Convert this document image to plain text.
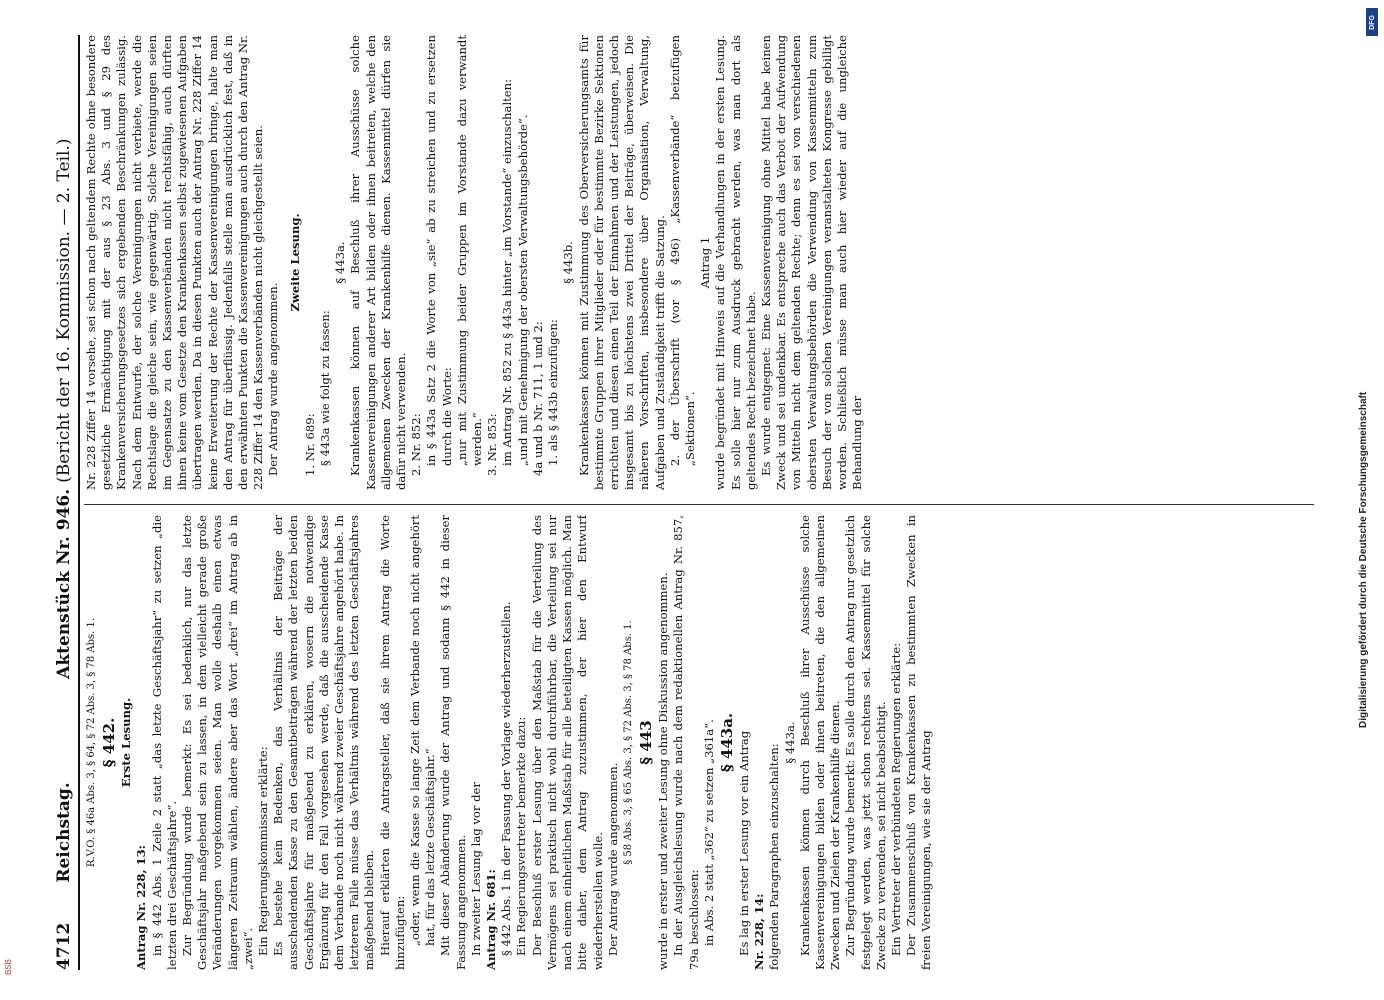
4712
Reichstag.
Aktenstück Nr. 946. (Bericht der 16. Kommission. — 2. Teil.)

R.V.O. § 46a Abs. 3, § 64, § 72 Abs. 3, § 78 Abs. 1. § 442. Erste Lesung.

Antrag Nr. 228, 13: in § 442 Abs. 1 Zeile 2 statt „das letzte Geschäftsjahr“ zu setzen „die letzten drei Geschäftsjahre“. Zur Begründung wurde bemerkt: Es sei bedenklich, nur das letzte Geschäftsjahr maßgebend sein zu lassen, in dem vielleicht gerade große Veränderungen vorgekommen seien. Man wolle deshalb einen etwas längeren Zeitraum wählen, ändere aber das Wort „drei“ im Antrag ab in „zwei“. Ein Regierungskommissar erklärte: Es bestehe kein Bedenken, das Verhältnis der Beiträge der ausscheidenden Kasse zu den Gesamtbeiträgen während der letzten beiden Geschäftsjahre für maßgebend zu erklären, wosern die notwendige Ergänzung für den Fall vorgesehen werde, daß die ausscheidende Kasse dem Verbande noch nicht während zweier Geschäftsjahre angehört habe. In letzterem Falle müsse das Verhältnis während des letzten Geschäftsjahres maßgebend bleiben. Hierauf erklärten die Antragsteller, daß sie ihrem Antrag die Worte hinzufügten: „oder, wenn die Kasse so lange Zeit dem Verbande noch nicht angehört hat, für das letzte Geschäftsjahr.“ Mit dieser Abänderung wurde der Antrag und sodann § 442 in dieser Fassung angenommen. In zweiter Lesung lag vor der Antrag Nr. 681: § 442 Abs. 1 in der Fassung der Vorlage wiederherzustellen. Ein Regierungsvertreter bemerkte dazu: Der Beschluß erster Lesung über den Maßstab für die Verteilung des Vermögens sei praktisch nicht wohl durchführbar, die Verteilung sei nur nach einem einheitlichen Maßstab für alle beteiligten Kassen möglich. Man bitte daher, dem Antrag zuzustimmen, der hier den Entwurf wiederherstellen wolle. Der Antrag wurde angenommen. § 58 Abs. 3, § 65 Abs. 3, § 72 Abs. 3, § 78 Abs. 1. § 443 wurde in erster und zweiter Lesung ohne Diskussion angenommen. In der Ausgleichslesung wurde nach dem redaktionellen Antrag Nr. 857, 79a beschlossen: in Abs. 2 statt „362“ zu setzen „361a“. § 443a. Es lag in erster Lesung vor ein Antrag Nr. 228, 14: folgenden Paragraphen einzuschalten:

§ 443a. Krankenkassen können durch Beschluß ihrer Ausschüsse solche Kassenvereinigungen bilden oder ihnen beitreten, die den allgemeinen Zwecken und Zielen der Krankenhilfe dienen. Zur Begründung wurde bemerkt: Es solle durch den Antrag nur gesetzlich festgelegt werden, was jetzt schon rechtens sei. Kassenmittel für solche Zwecke zu verwenden, sei nicht beabsichtigt. Ein Vertreter der verbündeten Regierungen erklärte: Der Zusammenschluß von Krankenkassen zu bestimmten Zwecken in freien Vereinigungen, wie sie der Antrag

Nr. 228 Ziffer 14 vorsehe, sei schon nach geltendem Rechte ohne besondere gesetzliche Ermächtigung mit der aus § 23 Abs. 3 und § 29 des Krankenversicherungsgesetzes sich ergebenden Beschränkungen zulässig. Nach dem Entwurfe, der solche Vereinigungen nicht verbiete, werde die Rechtslage die gleiche sein, wie gegenwärtig. Solche Vereinigungen seien im Gegensatze zu den Kassenverbänden nicht rechtsfähig, auch dürften ihnen keine vom Gesetze den Krankenkassen selbst zugewiesenen Aufgaben übertragen werden. Da in diesen Punkten auch der Antrag Nr. 228 Ziffer 14 keine Erweiterung der Rechte der Kassenvereinigungen bringe, halte man den Antrag für überflüssig. Jedenfalls stelle man ausdrücklich fest, daß in den erwähnten Punkten die Kassenvereinigungen auch durch den Antrag Nr. 228 Ziffer 14 den Kassenverbänden nicht gleichgestellt seien. Der Antrag wurde angenommen.

Zweite Lesung.

1. Nr. 689: § 443a wie folgt zu fassen:

§ 443a. Krankenkassen können auf Beschluß ihrer Ausschüsse solche Kassenvereinigungen anderer Art bilden oder ihnen beitreten, welche den allgemeinen Zwecken der Krankenhilfe dienen. Kassenmittel dürfen sie dafür nicht verwenden. 2. Nr. 852: in § 443a Satz 2 die Worte von „sie“ ab zu streichen und zu ersetzen durch die Worte: „nur mit Zustimmung beider Gruppen im Vorstande dazu verwandt werden.“ 3. Nr. 853: im Antrag Nr. 852 zu § 443a hinter „im Vorstande“ einzuschalten: „und mit Genehmigung der obersten Verwaltungsbehörde“. 4a und b Nr. 711, 1 und 2: 1. als § 443b einzufügen:

§ 443b. Krankenkassen können mit Zustimmung des Oberversicherungsamts für bestimmte Gruppen ihrer Mitglieder oder für bestimmte Bezirke Sektionen errichten und diesen einen Teil der Einnahmen und der Leistungen, jedoch insgesamt bis zu höchstens zwei Drittel der Beiträge, überweisen. Die näheren Vorschriften, insbesondere über Organisation, Verwaltung, Aufgaben und Zuständigkeit trifft die Satzung. 2. der Überschrift (vor § 496) „Kassenverbände“ beizufügen „Sektionen“.

Antrag 1 wurde begründet mit Hinweis auf die Verhandlungen in der ersten Lesung. Es solle hier nur zum Ausdruck gebracht werden, was man dort als geltendes Recht bezeichnet habe. Es wurde entgegnet: Eine Kassenvereinigung ohne Mittel habe keinen Zweck und sei undenkbar. Es entspreche auch das Verbot der Aufwendung von Mitteln nicht dem geltenden Rechte; denn es sei von verschiedenen obersten Verwaltungsbehörden die Verwendung von Kassenmitteln zum Besuch der von solchen Vereinigungen veranstalteten Kongresse gebilligt worden. Schließlich müsse man auch hier wieder auf die ungleiche Behandlung der

DFG
Digitalisierung gefördert durch die Deutsche Forschungsgemeinschaft
BSB
